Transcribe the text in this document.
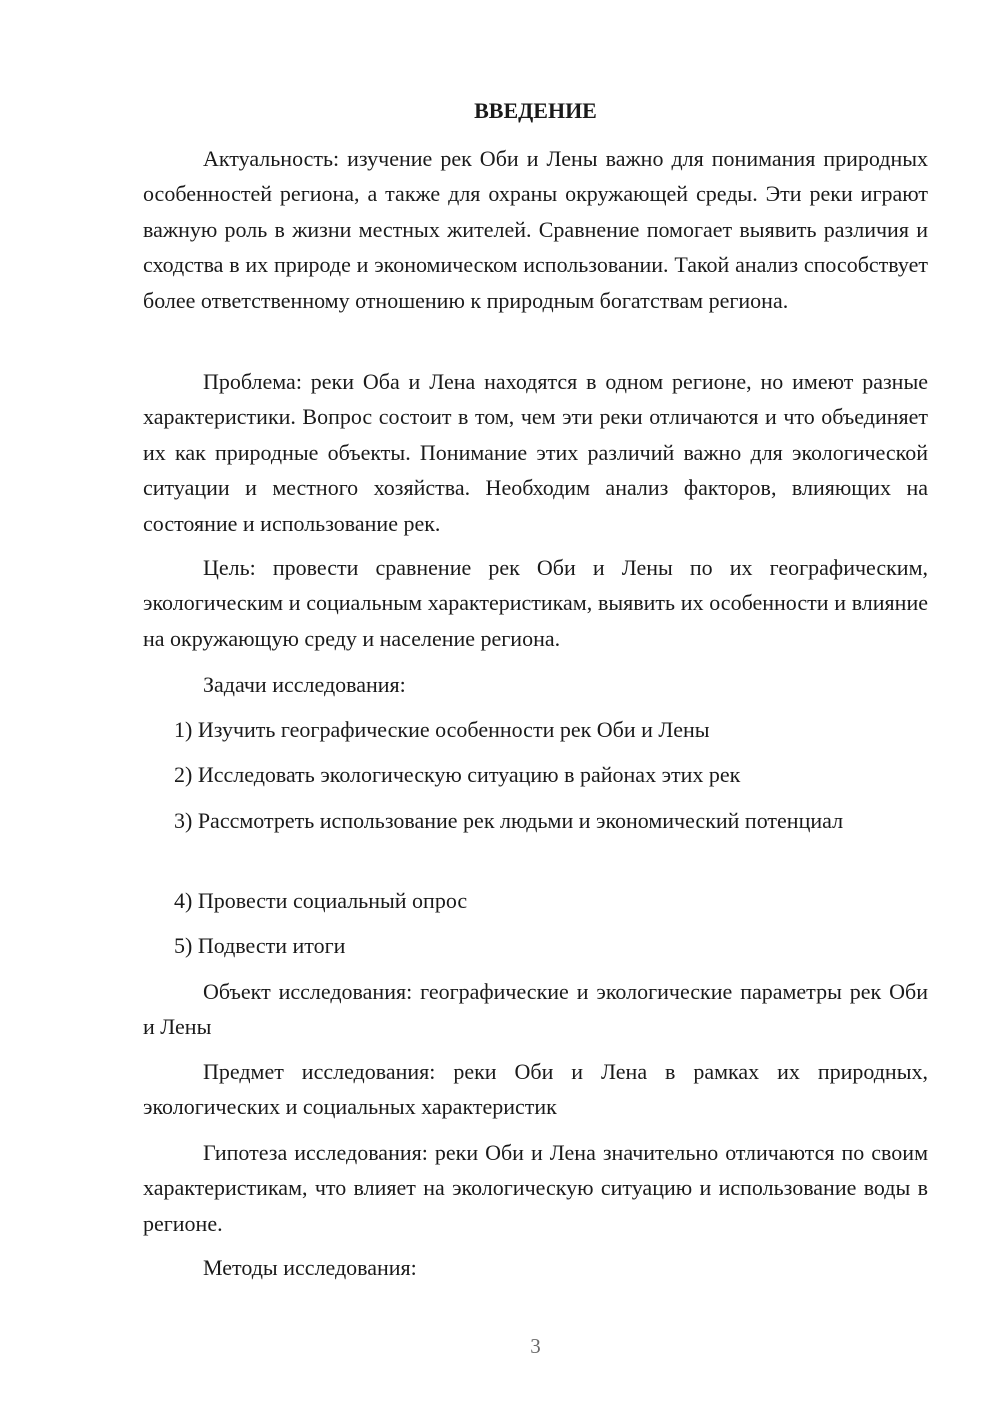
ВВЕДЕНИЕ

Актуальность: изучение рек Оби и Лены важно для понимания природных особенностей региона, а также для охраны окружающей среды. Эти реки играют важную роль в жизни местных жителей. Сравнение помогает выявить различия и сходства в их природе и экономическом использовании. Такой анализ способствует более ответственному отношению к природным богатствам региона.

Проблема: реки Оба и Лена находятся в одном регионе, но имеют разные характеристики. Вопрос состоит в том, чем эти реки отличаются и что объединяет их как природные объекты. Понимание этих различий важно для экологической ситуации и местного хозяйства. Необходим анализ факторов, влияющих на состояние и использование рек.

Цель: провести сравнение рек Оби и Лены по их географическим, экологическим и социальным характеристикам, выявить их особенности и влияние на окружающую среду и население региона.

Задачи исследования:

1) Изучить географические особенности рек Оби и Лены

2) Исследовать экологическую ситуацию в районах этих рек

3) Рассмотреть использование рек людьми и экономический потенциал

4) Провести социальный опрос

5) Подвести итоги

Объект исследования: географические и экологические параметры рек Оби и Лены

Предмет исследования: реки Оби и Лена в рамках их природных, экологических и социальных характеристик

Гипотеза исследования: реки Оби и Лена значительно отличаются по своим характеристикам, что влияет на экологическую ситуацию и использование воды в регионе.

Методы исследования:

3
